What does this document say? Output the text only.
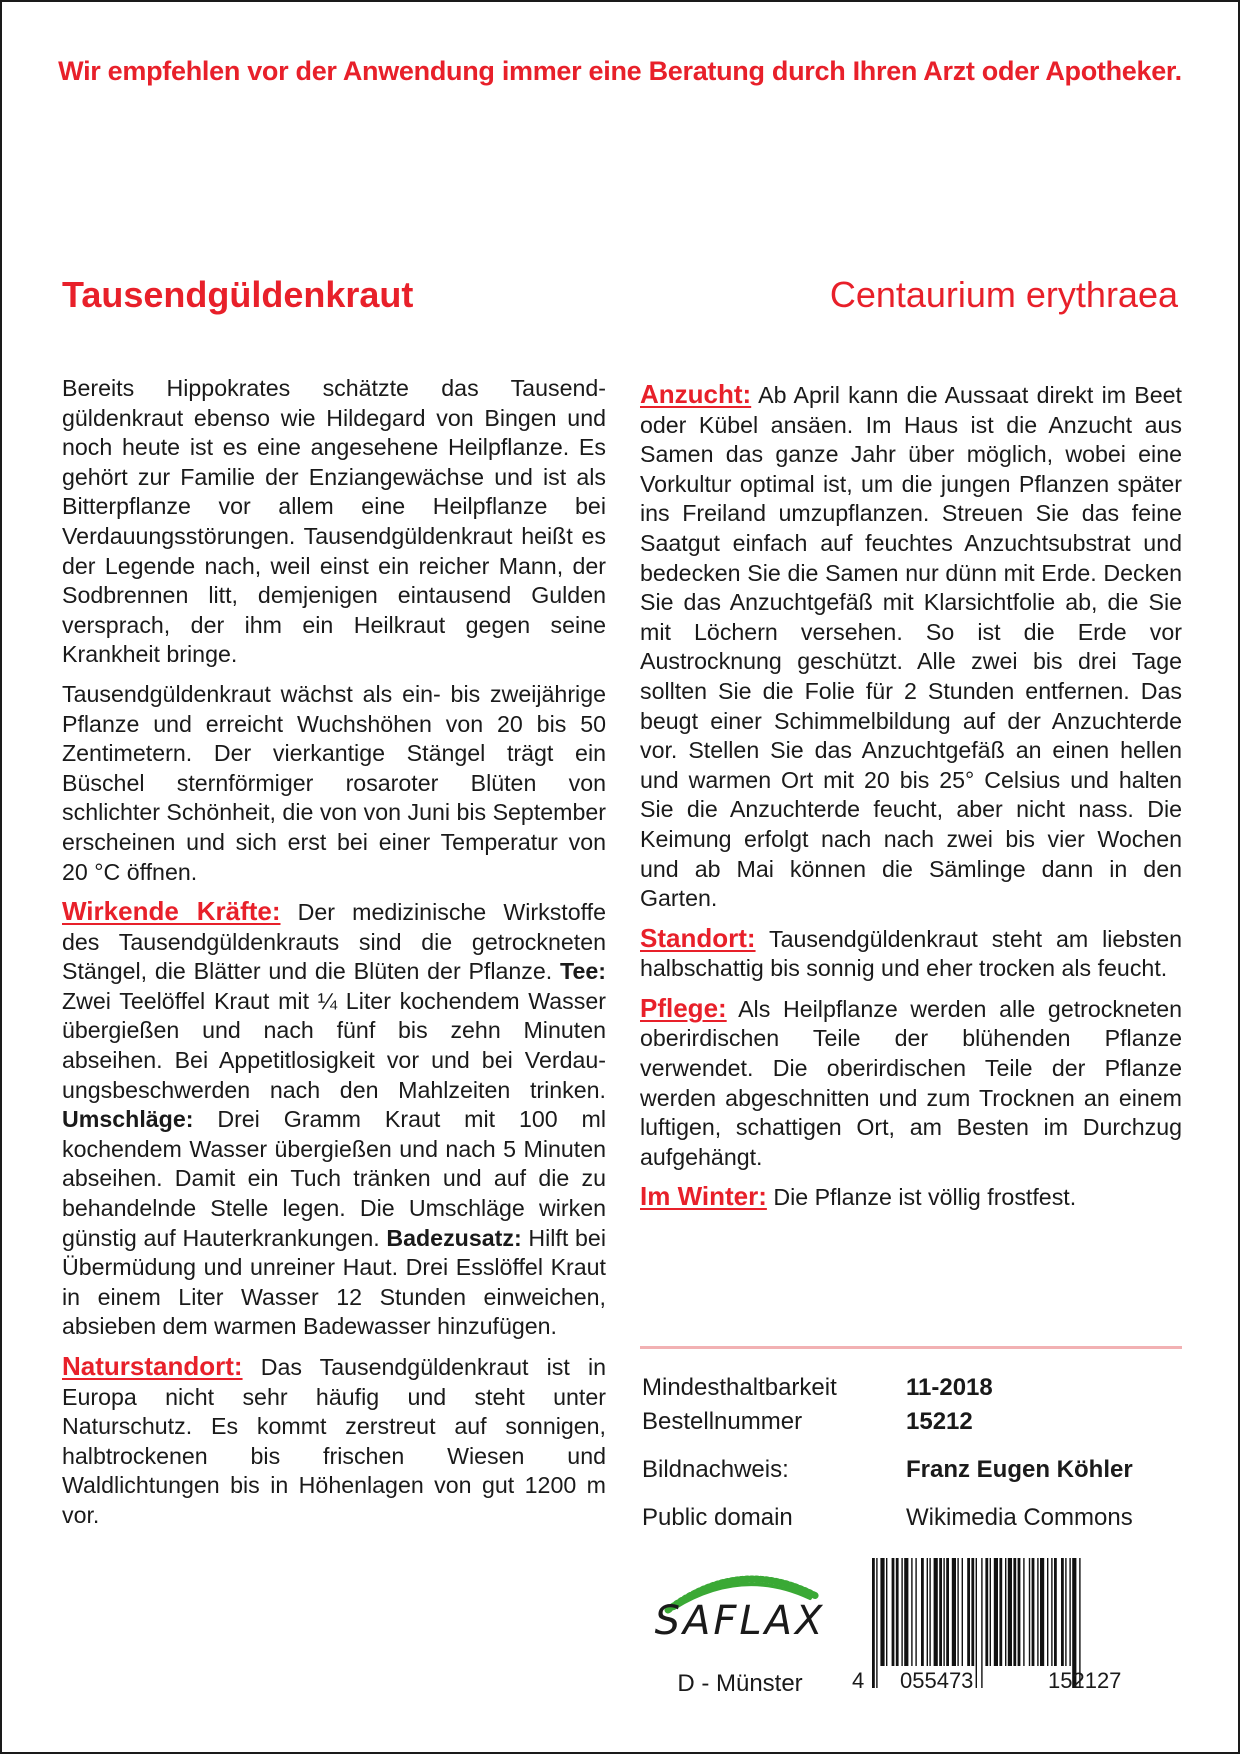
Wir empfehlen vor der Anwendung immer eine Beratung durch Ihren Arzt oder Apotheker.
Tausendgüldenkraut	Centaurium erythraea

Bereits Hippokrates schätzte das Tausendgüldenkraut ebenso wie Hildegard von Bingen und noch heute ist es eine angesehene Heilpflanze. Es gehört zur Familie der Enziangewächse und ist als Bitterpflanze vor allem eine Heilpflanze bei Verdauungsstörungen. Tausendgüldenkraut heißt es der Legende nach, weil einst ein reicher Mann, der Sodbrennen litt, demjenigen eintausend Gulden versprach, der ihm ein Heilkraut gegen seine Krankheit bringe.

Tausendgüldenkraut wächst als ein- bis zweijährige Pflanze und erreicht Wuchshöhen von 20 bis 50 Zentimetern. Der vierkantige Stängel trägt ein Büschel sternförmiger rosaroter Blüten von schlichter Schönheit, die von von Juni bis September erscheinen und sich erst bei einer Temperatur von 20 °C öffnen.

Wirkende Kräfte: Der medizinische Wirkstoffe des Tausendgüldenkrauts sind die getrockneten Stängel, die Blätter und die Blüten der Pflanze. Tee: Zwei Teelöffel Kraut mit ¼ Liter kochendem Wasser übergießen und nach fünf bis zehn Minuten abseihen. Bei Appetitlosigkeit vor und bei Verdauungsbeschwerden nach den Mahlzeiten trinken. Umschläge: Drei Gramm Kraut mit 100 ml kochendem Wasser übergießen und nach 5 Minuten abseihen. Damit ein Tuch tränken und auf die zu behandelnde Stelle legen. Die Umschläge wirken günstig auf Hauterkrankungen. Badezusatz: Hilft bei Übermüdung und unreiner Haut. Drei Esslöffel Kraut in einem Liter Wasser 12 Stunden einweichen, absieben dem warmen Badewasser hinzufügen.

Naturstandort: Das Tausendgüldenkraut ist in Europa nicht sehr häufig und steht unter Naturschutz. Es kommt zerstreut auf sonnigen, halbtrockenen bis frischen Wiesen und Waldlichtungen bis in Höhenlagen von gut 1200 m vor.

Anzucht: Ab April kann die Aussaat direkt im Beet oder Kübel ansäen. Im Haus ist die Anzucht aus Samen das ganze Jahr über möglich, wobei eine Vorkultur optimal ist, um die jungen Pflanzen später ins Freiland umzupflanzen. Streuen Sie das feine Saatgut einfach auf feuchtes Anzuchtsubstrat und bedecken Sie die Samen nur dünn mit Erde. Decken Sie das Anzuchtgefäß mit Klarsichtfolie ab, die Sie mit Löchern versehen. So ist die Erde vor Austrocknung geschützt. Alle zwei bis drei Tage sollten Sie die Folie für 2 Stunden entfernen. Das beugt einer Schimmelbildung auf der Anzuchterde vor. Stellen Sie das Anzuchtgefäß an einen hellen und warmen Ort mit 20 bis 25° Celsius und halten Sie die Anzuchterde feucht, aber nicht nass. Die Keimung erfolgt nach nach zwei bis vier Wochen und ab Mai können die Sämlinge dann in den Garten.

Standort: Tausendgüldenkraut steht am liebsten halbschattig bis sonnig und eher trocken als feucht.

Pflege: Als Heilpflanze werden alle getrockneten oberirdischen Teile der blühenden Pflanze verwendet. Die oberirdischen Teile der Pflanze werden abgeschnitten und zum Trocknen an einem luftigen, schattigen Ort, am Besten im Durchzug aufgehängt.

Im Winter: Die Pflanze ist völlig frostfest.

Mindesthaltbarkeit	11-2018
Bestellnummer	15212
Bildnachweis:	Franz Eugen Köhler
Public domain	Wikimedia Commons
SAFLAX
D - Münster	4 055473	152127
